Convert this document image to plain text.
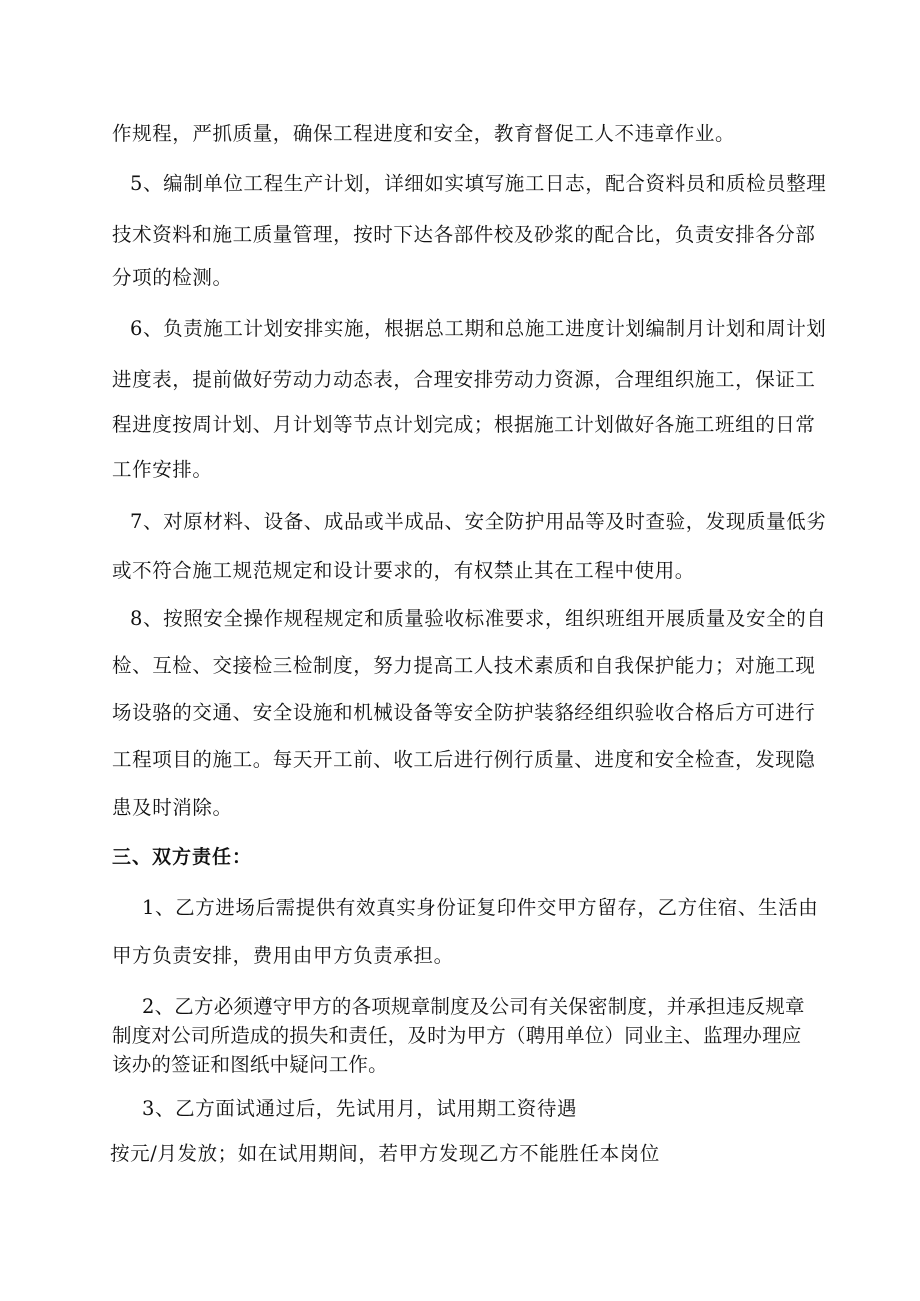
作规程，严抓质量，确保工程进度和安全，教育督促工人不违章作业。
5、编制单位工程生产计划，详细如实填写施工日志，配合资料员和质检员整理
技术资料和施工质量管理，按时下达各部件校及砂浆的配合比，负责安排各分部
分项的检测。
6、负责施工计划安排实施，根据总工期和总施工进度计划编制月计划和周计划
进度表，提前做好劳动力动态表，合理安排劳动力资源，合理组织施工，保证工
程进度按周计划、月计划等节点计划完成；根据施工计划做好各施工班组的日常
工作安排。
7、对原材料、设备、成品或半成品、安全防护用品等及时查验，发现质量低劣
或不符合施工规范规定和设计要求的，有权禁止其在工程中使用。
8、按照安全操作规程规定和质量验收标准要求，组织班组开展质量及安全的自
检、互检、交接检三检制度，努力提高工人技术素质和自我保护能力；对施工现
场设骆的交通、安全设施和机械设备等安全防护装貉经组织验收合格后方可进行
工程项目的施工。每天开工前、收工后进行例行质量、进度和安全检查，发现隐
患及时消除。
三、双方责任：
1、乙方进场后需提供有效真实身份证复印件交甲方留存，乙方住宿、生活由
甲方负责安排，费用由甲方负责承担。
2、乙方必须遵守甲方的各项规章制度及公司有关保密制度，并承担违反规章
制度对公司所造成的损失和责任，及时为甲方（聘用单位）同业主、监理办理应
该办的签证和图纸中疑问工作。
3、乙方面试通过后，先试用月，试用期工资待遇
按元/月发放；如在试用期间，若甲方发现乙方不能胜任本岗位
